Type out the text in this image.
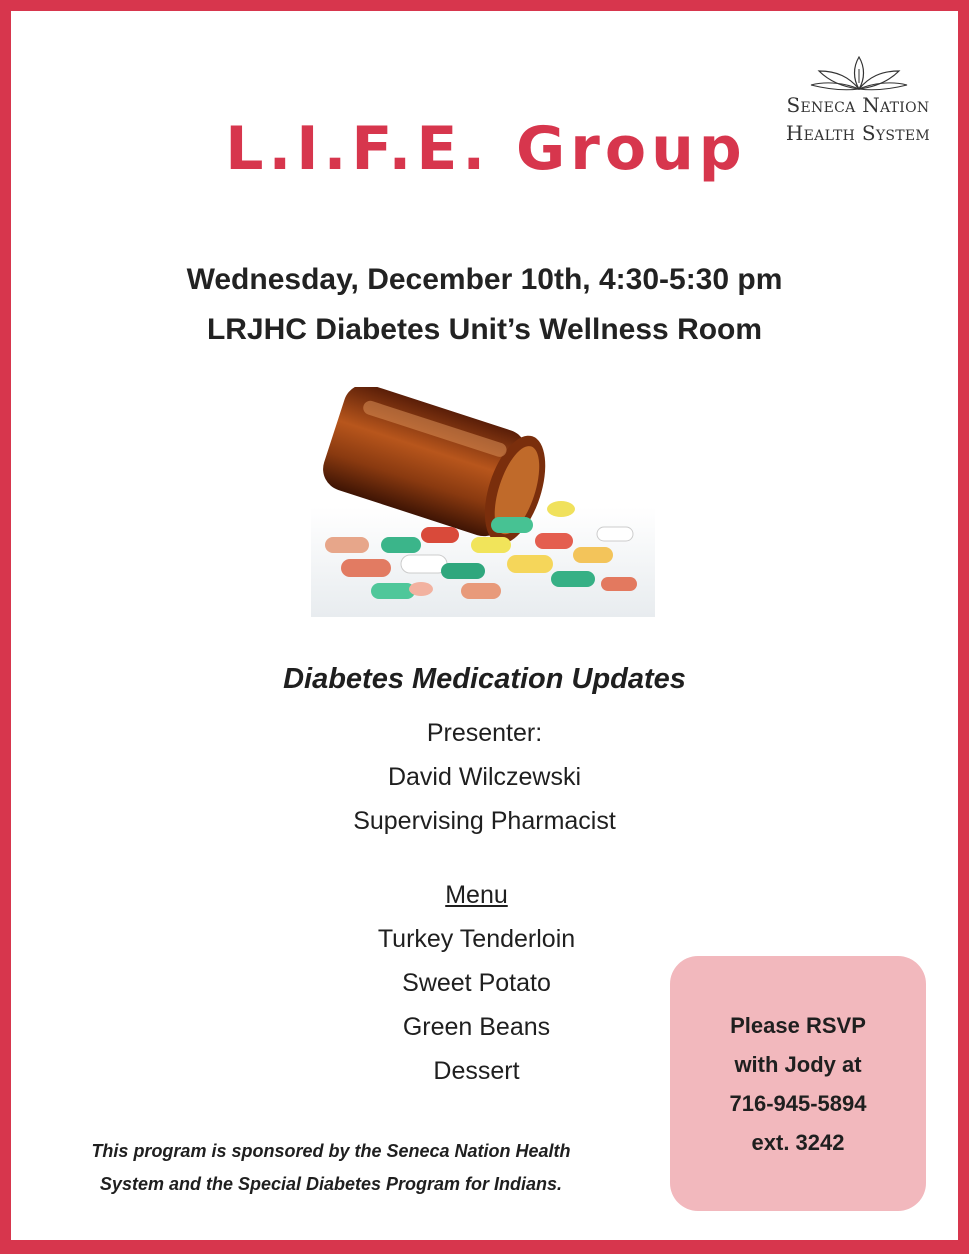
Seneca Nation
Health System
L.I.F.E. Group
Wednesday, December 10th, 4:30-5:30 pm
LRJHC Diabetes Unit’s Wellness Room
Diabetes Medication Updates
Presenter:
David Wilczewski
Supervising Pharmacist
Menu
Turkey Tenderloin
Sweet Potato
Green Beans
Dessert
This program is sponsored by the Seneca Nation Health
System and the Special Diabetes Program for Indians.
Please RSVP
with Jody at
716-945-5894
ext. 3242
